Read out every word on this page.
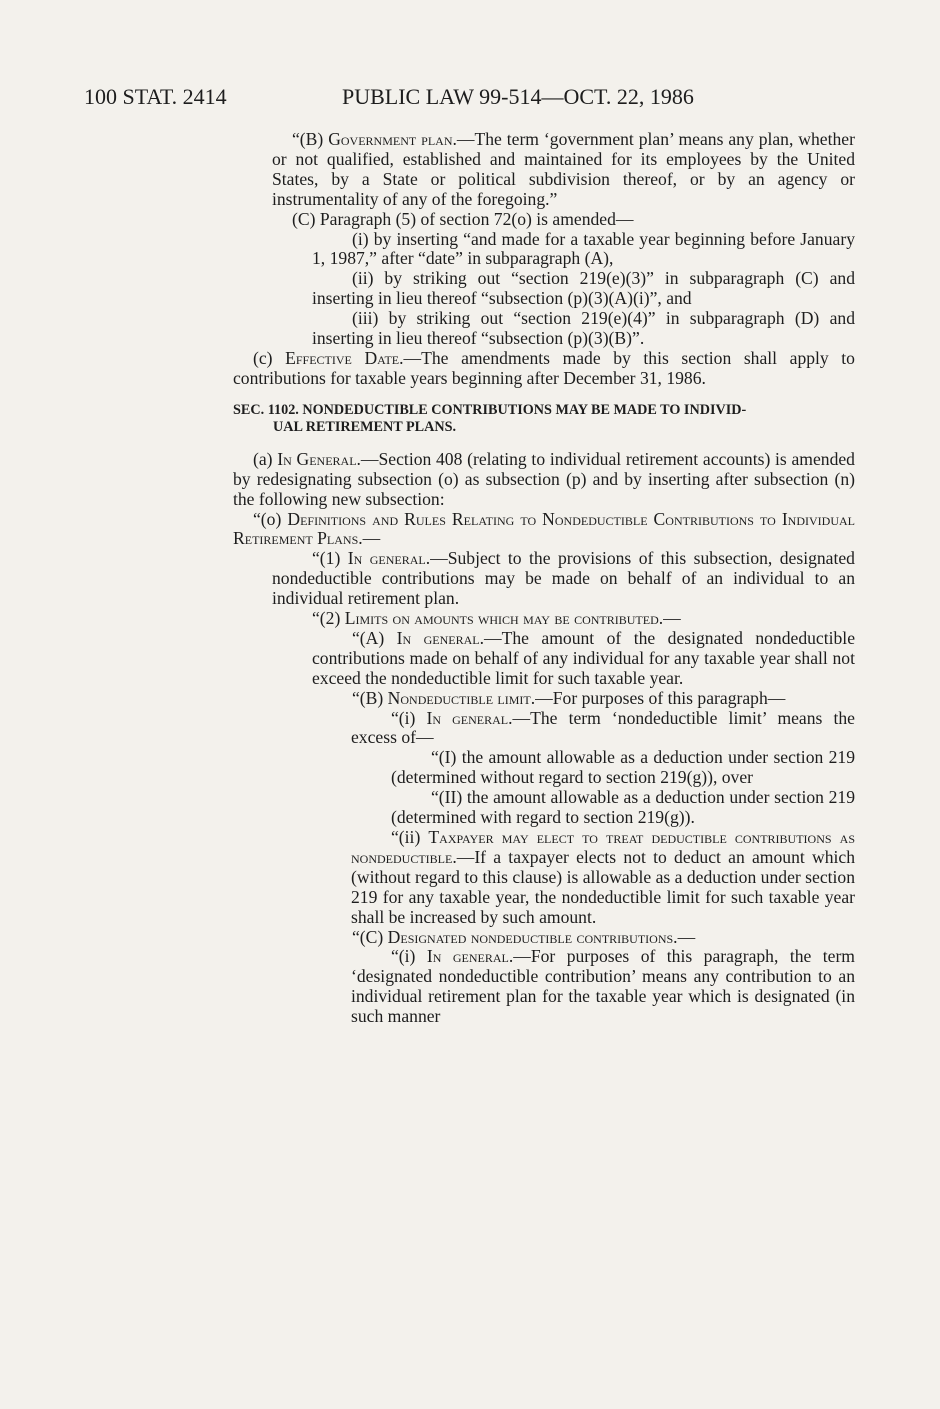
100 STAT. 2414	PUBLIC LAW 99-514—OCT. 22, 1986

“(B) Government plan.—The term ‘government plan’ means any plan, whether or not qualified, established and maintained for its employees by the United States, by a State or political subdivision thereof, or by an agency or instrumentality of any of the foregoing.”

(C) Paragraph (5) of section 72(o) is amended—

(i) by inserting “and made for a taxable year beginning before January 1, 1987,” after “date” in subparagraph (A),

(ii) by striking out “section 219(e)(3)” in subparagraph (C) and inserting in lieu thereof “subsection (p)(3)(A)(i)”, and

(iii) by striking out “section 219(e)(4)” in subparagraph (D) and inserting in lieu thereof “subsection (p)(3)(B)”.

(c) Effective Date.—The amendments made by this section shall apply to contributions for taxable years beginning after December 31, 1986.

SEC. 1102. NONDEDUCTIBLE CONTRIBUTIONS MAY BE MADE TO INDIVID-
UAL RETIREMENT PLANS.

(a) In General.—Section 408 (relating to individual retirement accounts) is amended by redesignating subsection (o) as subsection (p) and by inserting after subsection (n) the following new subsection:

“(o) Definitions and Rules Relating to Nondeductible Contributions to Individual Retirement Plans.—

“(1) In general.—Subject to the provisions of this subsection, designated nondeductible contributions may be made on behalf of an individual to an individual retirement plan.

“(2) Limits on amounts which may be contributed.—

“(A) In general.—The amount of the designated nondeductible contributions made on behalf of any individual for any taxable year shall not exceed the nondeductible limit for such taxable year.

“(B) Nondeductible limit.—For purposes of this paragraph—

“(i) In general.—The term ‘nondeductible limit’ means the excess of—

“(I) the amount allowable as a deduction under section 219 (determined without regard to section 219(g)), over

“(II) the amount allowable as a deduction under section 219 (determined with regard to section 219(g)).

“(ii) Taxpayer may elect to treat deductible contributions as nondeductible.—If a taxpayer elects not to deduct an amount which (without regard to this clause) is allowable as a deduction under section 219 for any taxable year, the nondeductible limit for such taxable year shall be increased by such amount.

“(C) Designated nondeductible contributions.—

“(i) In general.—For purposes of this paragraph, the term ‘designated nondeductible contribution’ means any contribution to an individual retirement plan for the taxable year which is designated (in such manner
